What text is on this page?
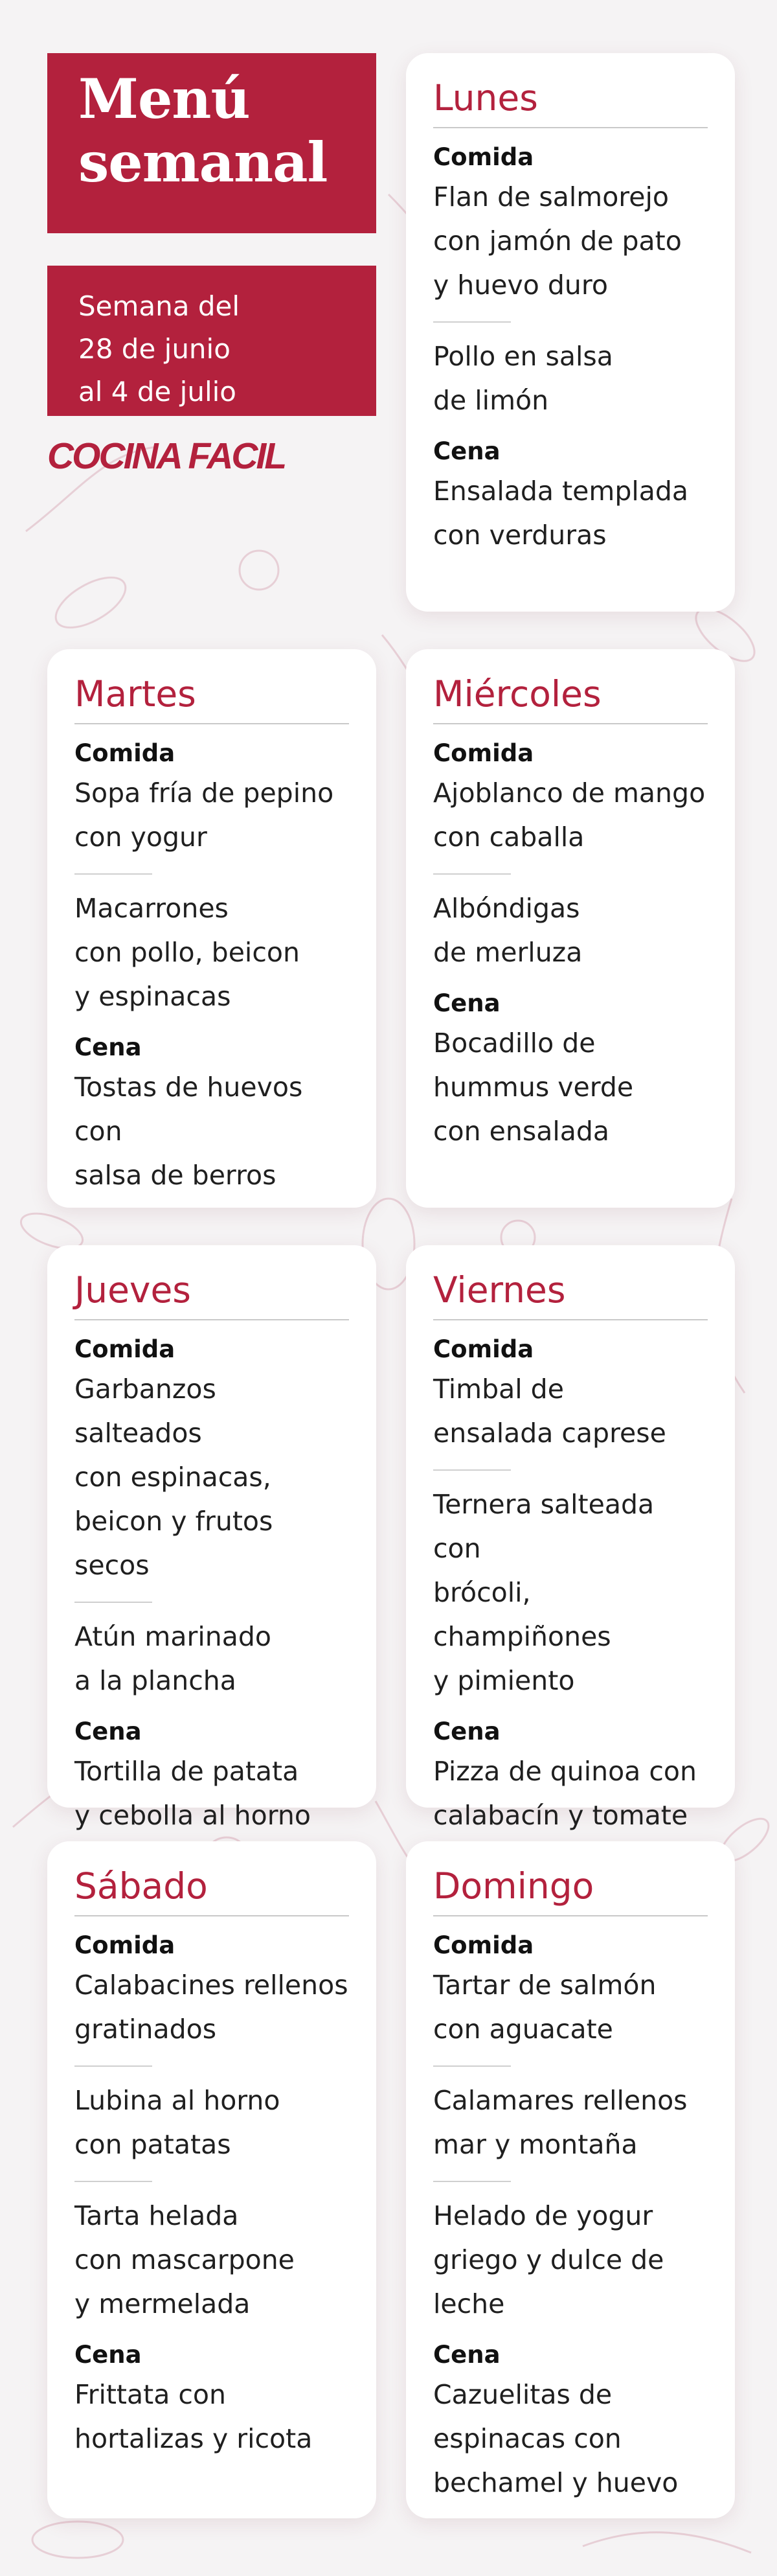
Menú
semanal

Semana del
28 de junio
al 4 de julio

COCINA FACIL

Lunes

Comida

Flan de salmorejo
con jamón de pato
y huevo duro

Pollo en salsa
de limón

Cena

Ensalada templada
con verduras

Martes

Comida

Sopa fría de pepino
con yogur

Macarrones
con pollo, beicon
y espinacas

Cena

Tostas de huevos con
salsa de berros

Miércoles

Comida

Ajoblanco de mango
con caballa

Albóndigas
de merluza

Cena

Bocadillo de
hummus verde
con ensalada

Jueves

Comida

Garbanzos salteados
con espinacas,
beicon y frutos secos

Atún marinado
a la plancha

Cena

Tortilla de patata
y cebolla al horno

Viernes

Comida

Timbal de
ensalada caprese

Ternera salteada con
brócoli, champiñones
y pimiento

Cena

Pizza de quinoa con
calabacín y tomate

Sábado

Comida

Calabacines rellenos
gratinados

Lubina al horno
con patatas

Tarta helada
con mascarpone
y mermelada

Cena

Frittata con
hortalizas y ricota

Domingo

Comida

Tartar de salmón
con aguacate

Calamares rellenos
mar y montaña

Helado de yogur
griego y dulce de leche

Cena

Cazuelitas de
espinacas con
bechamel y huevo
